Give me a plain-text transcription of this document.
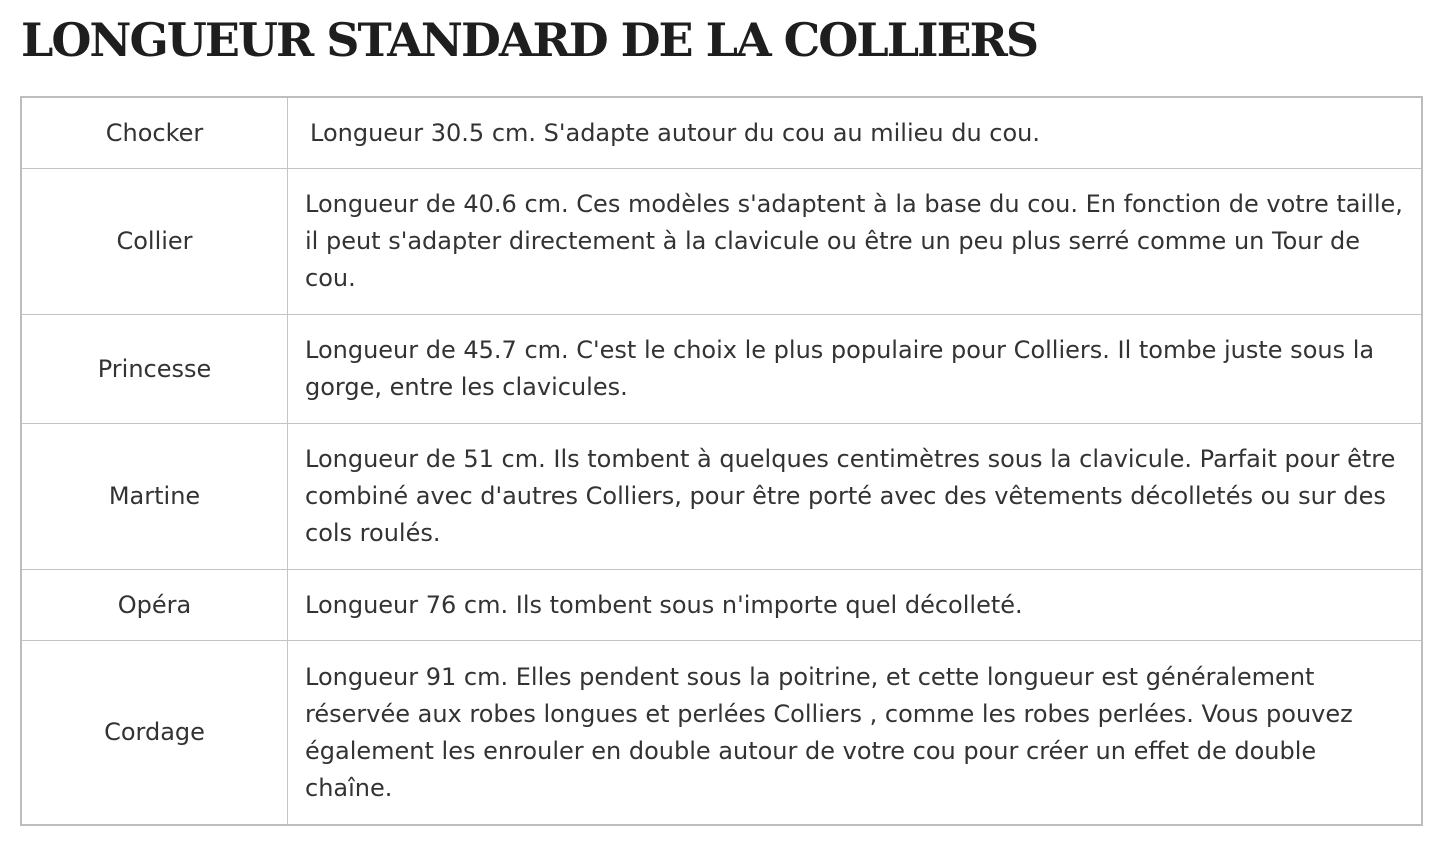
LONGUEUR STANDARD DE LA COLLIERS
Chocker	Longueur 30.5 cm. S'adapte autour du cou au milieu du cou.
Collier	Longueur de 40.6 cm. Ces modèles s'adaptent à la base du cou. En fonction de votre taille, il peut s'adapter directement à la clavicule ou être un peu plus serré comme un Tour de cou.
Princesse	Longueur de 45.7 cm. C'est le choix le plus populaire pour Colliers. Il tombe juste sous la gorge, entre les clavicules.
Martine	Longueur de 51 cm. Ils tombent à quelques centimètres sous la clavicule. Parfait pour être combiné avec d'autres Colliers, pour être porté avec des vêtements décolletés ou sur des cols roulés.
Opéra	Longueur 76 cm. Ils tombent sous n'importe quel décolleté.
Cordage	Longueur 91 cm. Elles pendent sous la poitrine, et cette longueur est généralement réservée aux robes longues et perlées Colliers , comme les robes perlées. Vous pouvez également les enrouler en double autour de votre cou pour créer un effet de double chaîne.
